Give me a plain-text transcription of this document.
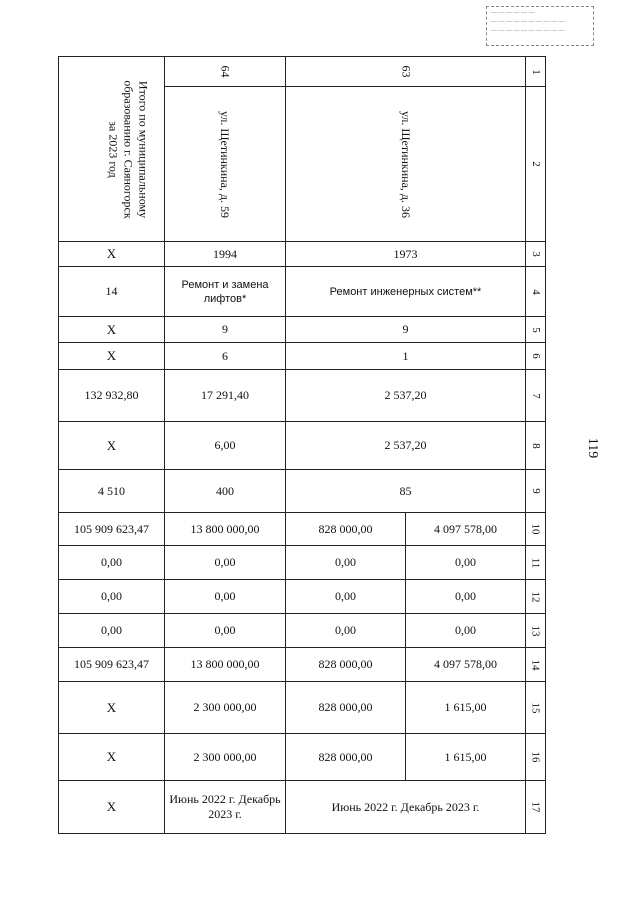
— — — — — —
— — — — — — — — — —
— — — — — — — — — —
119
Итого по муниципальному
образованию г. Саяногорск
за 2023 год	64	63		1
	ул. Щетинкина, д. 59	ул. Щетинкина, д. 36		2
X	1994	1973		3
14	Ремонт и замена лифтов*	Ремонт инженерных систем**		4
X	9	9		5
X	6	1		6
132 932,80	17 291,40	2 537,20		7
X	6,00	2 537,20		8
4 510	400	85		9
105 909 623,47	13 800 000,00	828 000,00	4 097 578,00	10
0,00	0,00	0,00	0,00	11
0,00	0,00	0,00	0,00	12
0,00	0,00	0,00	0,00	13
105 909 623,47	13 800 000,00	828 000,00	4 097 578,00	14
X	2 300 000,00	828 000,00	1 615,00	15
X	2 300 000,00	828 000,00	1 615,00	16
X	Июнь 2022 г. Декабрь 2023 г.	Июнь 2022 г. Декабрь 2023 г.		17
